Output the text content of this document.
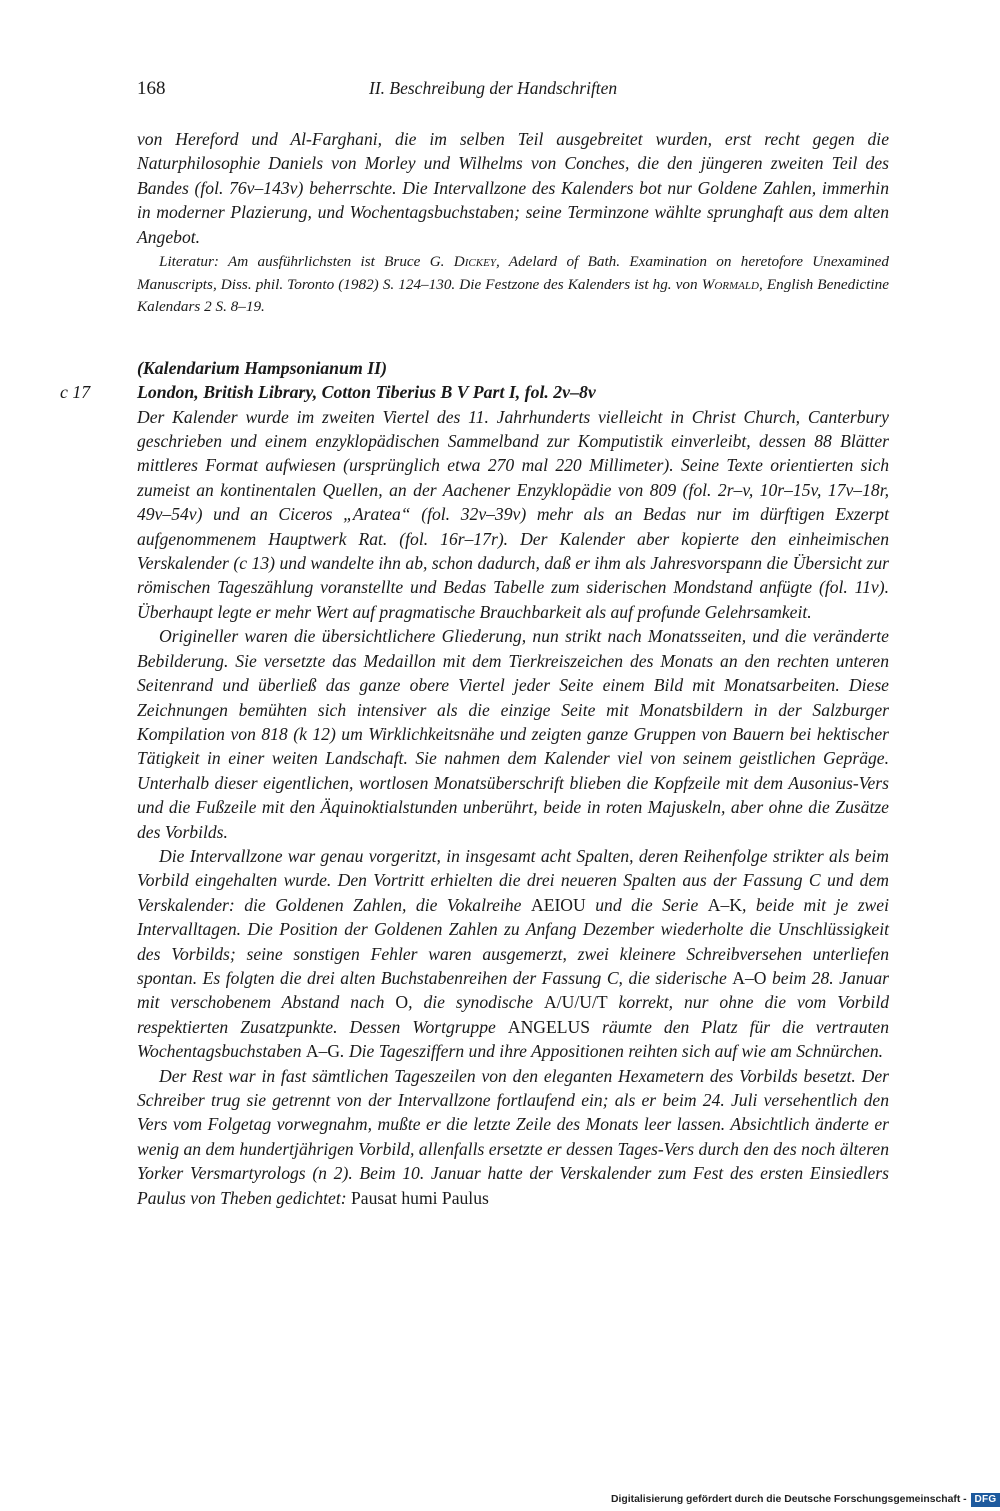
168	II. Beschreibung der Handschriften

von Hereford und Al-Farghani, die im selben Teil ausgebreitet wurden, erst recht gegen die Naturphilosophie Daniels von Morley und Wilhelms von Conches, die den jüngeren zweiten Teil des Bandes (fol. 76v–143v) beherrschte. Die Intervallzone des Kalenders bot nur Goldene Zahlen, immerhin in moderner Plazierung, und Wochentagsbuchstaben; seine Terminzone wählte sprunghaft aus dem alten Angebot.

Literatur: Am ausführlichsten ist Bruce G. Dickey, Adelard of Bath. Examination on heretofore Unexamined Manuscripts, Diss. phil. Toronto (1982) S. 124–130. Die Festzone des Kalenders ist hg. von Wormald, English Benedictine Kalendars 2 S. 8–19.

(Kalendarium Hampsonianum II)

c 17	London, British Library, Cotton Tiberius B V Part I, fol. 2v–8v

Der Kalender wurde im zweiten Viertel des 11. Jahrhunderts vielleicht in Christ Church, Canterbury geschrieben und einem enzyklopädischen Sammelband zur Komputistik einverleibt, dessen 88 Blätter mittleres Format aufwiesen (ursprünglich etwa 270 mal 220 Millimeter). Seine Texte orientierten sich zumeist an kontinentalen Quellen, an der Aachener Enzyklopädie von 809 (fol. 2r–v, 10r–15v, 17v–18r, 49v–54v) und an Ciceros „Aratea“ (fol. 32v–39v) mehr als an Bedas nur im dürftigen Exzerpt aufgenommenem Hauptwerk Rat. (fol. 16r–17r). Der Kalender aber kopierte den einheimischen Verskalender (c 13) und wandelte ihn ab, schon dadurch, daß er ihm als Jahresvorspann die Übersicht zur römischen Tageszählung voranstellte und Bedas Tabelle zum siderischen Mondstand anfügte (fol. 11v). Überhaupt legte er mehr Wert auf pragmatische Brauchbarkeit als auf profunde Gelehrsamkeit.

Origineller waren die übersichtlichere Gliederung, nun strikt nach Monatsseiten, und die veränderte Bebilderung. Sie versetzte das Medaillon mit dem Tierkreiszeichen des Monats an den rechten unteren Seitenrand und überließ das ganze obere Viertel jeder Seite einem Bild mit Monatsarbeiten. Diese Zeichnungen bemühten sich intensiver als die einzige Seite mit Monatsbildern in der Salzburger Kompilation von 818 (k 12) um Wirklichkeitsnähe und zeigten ganze Gruppen von Bauern bei hektischer Tätigkeit in einer weiten Landschaft. Sie nahmen dem Kalender viel von seinem geistlichen Gepräge. Unterhalb dieser eigentlichen, wortlosen Monatsüberschrift blieben die Kopfzeile mit dem Ausonius-Vers und die Fußzeile mit den Äquinoktialstunden unberührt, beide in roten Majuskeln, aber ohne die Zusätze des Vorbilds.

Die Intervallzone war genau vorgeritzt, in insgesamt acht Spalten, deren Reihenfolge strikter als beim Vorbild eingehalten wurde. Den Vortritt erhielten die drei neueren Spalten aus der Fassung C und dem Verskalender: die Goldenen Zahlen, die Vokalreihe AEIOU und die Serie A–K, beide mit je zwei Intervalltagen. Die Position der Goldenen Zahlen zu Anfang Dezember wiederholte die Unschlüssigkeit des Vorbilds; seine sonstigen Fehler waren ausgemerzt, zwei kleinere Schreibversehen unterliefen spontan. Es folgten die drei alten Buchstabenreihen der Fassung C, die siderische A–O beim 28. Januar mit verschobenem Abstand nach O, die synodische A/U/U/T korrekt, nur ohne die vom Vorbild respektierten Zusatzpunkte. Dessen Wortgruppe ANGELUS räumte den Platz für die vertrauten Wochentagsbuchstaben A–G. Die Tagesziffern und ihre Appositionen reihten sich auf wie am Schnürchen.

Der Rest war in fast sämtlichen Tageszeilen von den eleganten Hexametern des Vorbilds besetzt. Der Schreiber trug sie getrennt von der Intervallzone fortlaufend ein; als er beim 24. Juli versehentlich den Vers vom Folgetag vorwegnahm, mußte er die letzte Zeile des Monats leer lassen. Absichtlich änderte er wenig an dem hundertjährigen Vorbild, allenfalls ersetzte er dessen Tages-Vers durch den des noch älteren Yorker Versmartyrologs (n 2). Beim 10. Januar hatte der Verskalender zum Fest des ersten Einsiedlers Paulus von Theben gedichtet: Pausat humi Paulus

Digitalisierung gefördert durch die Deutsche Forschungsgemeinschaft - DFG
